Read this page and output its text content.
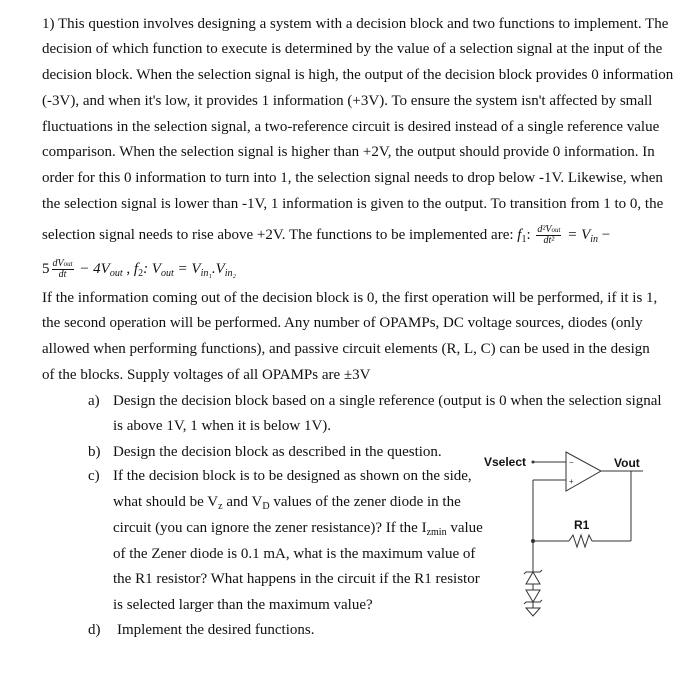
1) This question involves designing a system with a decision block and two functions to implement. The
decision of which function to execute is determined by the value of a selection signal at the input of the
decision block. When the selection signal is high, the output of the decision block provides 0 information
(-3V), and when it's low, it provides 1 information (+3V). To ensure the system isn't affected by small
fluctuations in the selection signal, a two-reference circuit is desired instead of a single reference value
comparison. When the selection signal is higher than +2V, the output should provide 0 information. In
order for this 0 information to turn into 1, the selection signal needs to drop below -1V. Likewise, when
the selection signal is lower than -1V, 1 information is given to the output. To transition from 1 to 0, the
selection signal needs to rise above +2V. The functions to be implemented are: $f_1$: $\frac{\text{d²Vout}}{\text{dt²}} = V_{in}$ −
$5 \frac{\text{dVout}}{dt} - 4V_{out}$ , $f_2$: $V_{out} = V_{in_1}.V_{in_2}$
If the information coming out of the decision block is 0, the first operation will be performed, if it is 1,
the second operation will be performed. Any number of OPAMPs, DC voltage sources, diodes (only
allowed when performing functions), and passive circuit elements (R, L, C) can be used in the design
of the blocks. Supply voltages of all OPAMPs are ±3V
a) Design the decision block based on a single reference (output is 0 when the selection signal
is above 1V, 1 when it is below 1V).
b) Design the decision block as described in the question.
c) If the decision block is to be designed as shown on the side,
what should be $V_z$ and $V_D$ values of the zener diode in the
circuit (you can ignore the zener resistance)? If the $I_{zmin}$ value
of the Zener diode is 0.1 mA, what is the maximum value of
the R1 resistor? What happens in the circuit if the R1 resistor
is selected larger than the maximum value?
d) Implement the desired functions.
Vselect	Vout
R1
−
+
